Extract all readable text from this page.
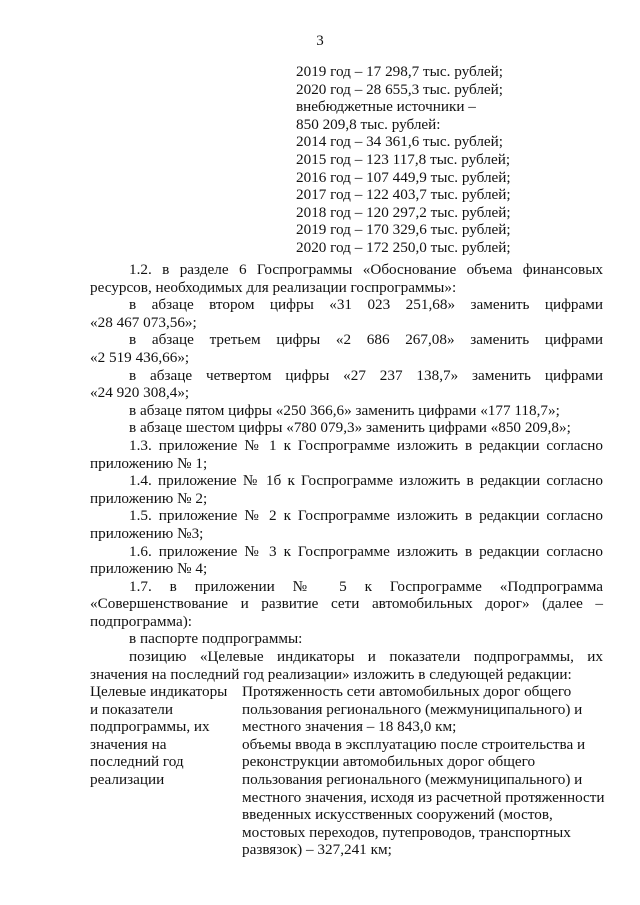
3
2019 год – 17 298,7 тыс. рублей;
2020 год – 28 655,3 тыс. рублей;
внебюджетные источники –
850 209,8 тыс. рублей:
2014 год – 34 361,6 тыс. рублей;
2015 год – 123 117,8 тыс. рублей;
2016 год – 107 449,9 тыс. рублей;
2017 год – 122 403,7 тыс. рублей;
2018 год – 120 297,2 тыс. рублей;
2019 год – 170 329,6 тыс. рублей;
2020 год – 172 250,0 тыс. рублей;

1.2. в разделе 6 Госпрограммы «Обоснование объема финансовых

ресурсов, необходимых для реализации госпрограммы»:

в абзаце втором цифры «31 023 251,68» заменить цифрами

«28 467 073,56»;

в абзаце третьем цифры «2 686 267,08» заменить цифрами

«2 519 436,66»;

в абзаце четвертом цифры «27 237 138,7» заменить цифрами

«24 920 308,4»;

в абзаце пятом цифры «250 366,6» заменить цифрами «177 118,7»;

в абзаце шестом цифры «780 079,3» заменить цифрами «850 209,8»;

1.3. приложение № 1 к Госпрограмме изложить в редакции согласно

приложению № 1;

1.4. приложение № 1б к Госпрограмме изложить в редакции согласно

приложению № 2;

1.5. приложение № 2 к Госпрограмме изложить в редакции согласно

приложению №3;

1.6. приложение № 3 к Госпрограмме изложить в редакции согласно

приложению № 4;

1.7. в приложении № 5 к Госпрограмме «Подпрограмма

«Совершенствование и развитие сети автомобильных дорог» (далее –

подпрограмма):

в паспорте подпрограммы:

позицию «Целевые индикаторы и показатели подпрограммы, их

значения на последний год реализации» изложить в следующей редакции:

Целевые индикаторы
и показатели
подпрограммы, их
значения на
последний год
реализации
Протяженность сети автомобильных дорог общего
пользования регионального (межмуниципального) и
местного значения – 18 843,0 км;
объемы ввода в эксплуатацию после строительства и
реконструкции автомобильных дорог общего
пользования регионального (межмуниципального) и
местного значения, исходя из расчетной протяженности
введенных искусственных сооружений (мостов,
мостовых переходов, путепроводов, транспортных
развязок) – 327,241 км;
